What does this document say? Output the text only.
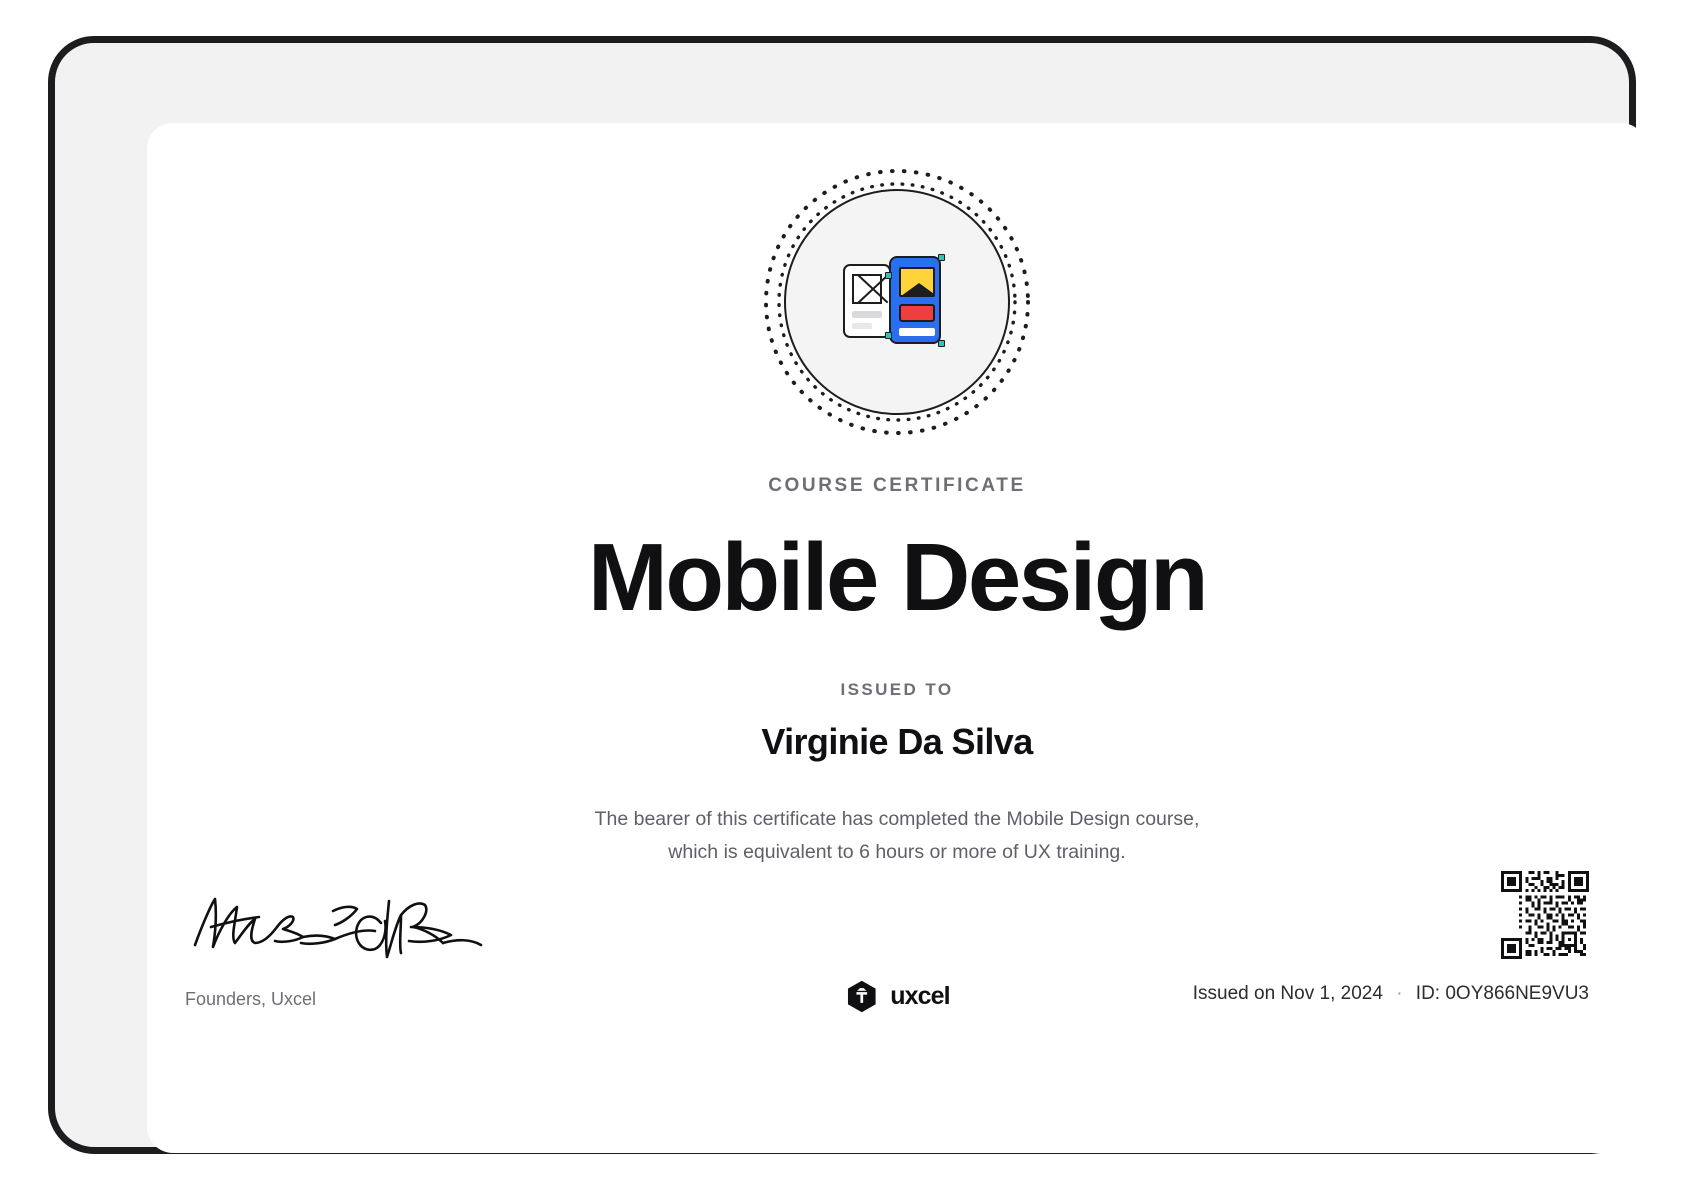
COURSE CERTIFICATE
Mobile Design
ISSUED TO
Virginie Da Silva
The bearer of this certificate has completed the Mobile Design course,
which is equivalent to 6 hours or more of UX training.
Founders, Uxcel	uxcel	Issued on Nov 1, 2024 · ID: 0OY866NE9VU3
